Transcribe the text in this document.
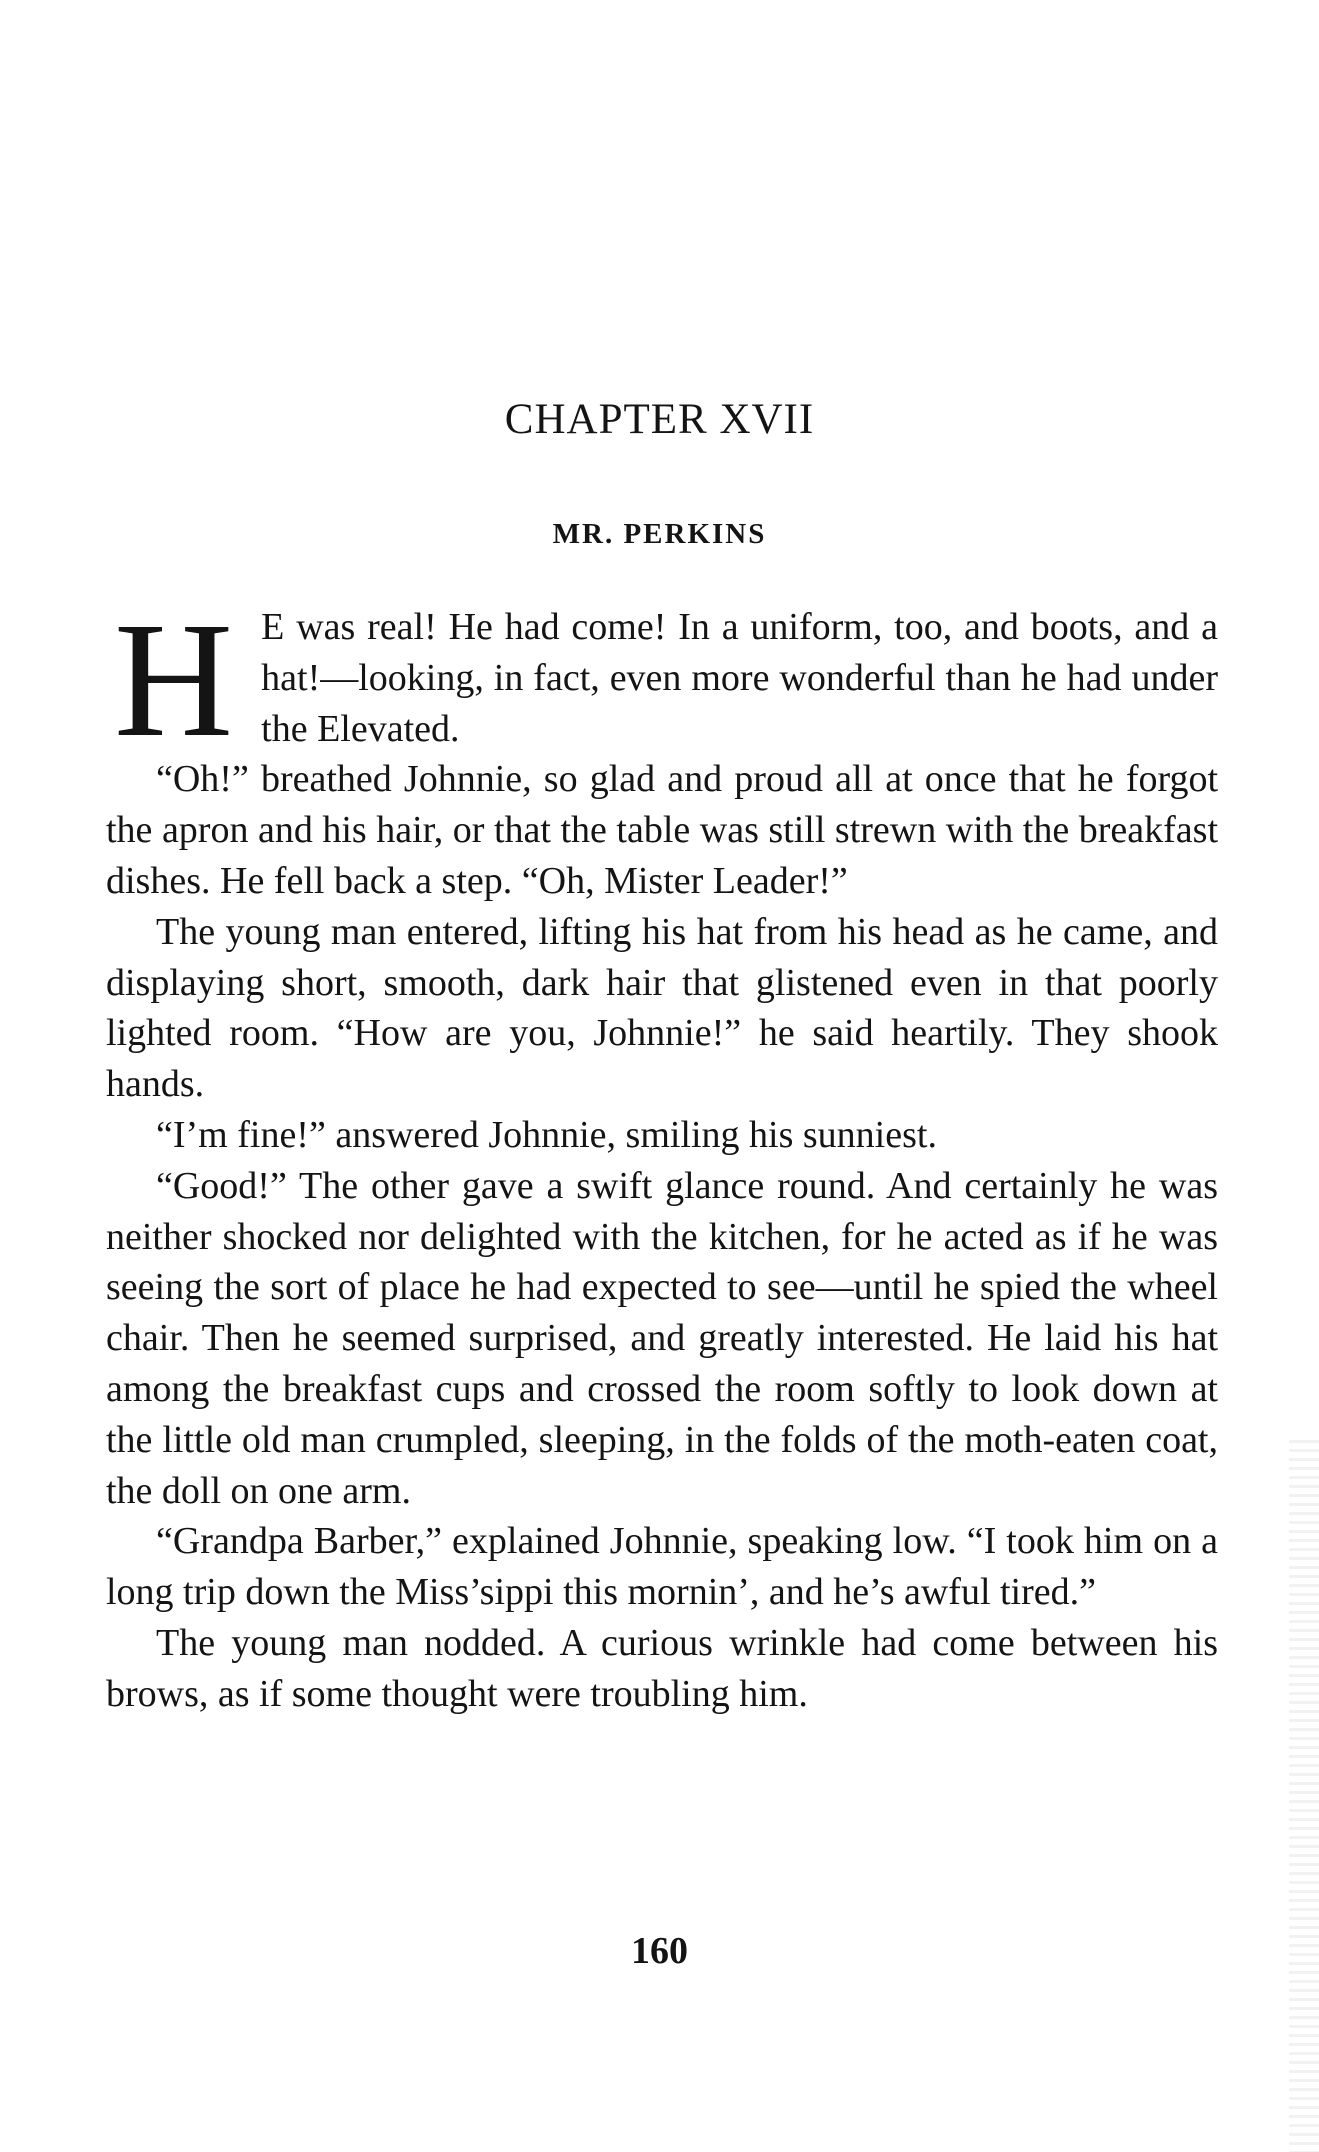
CHAPTER XVII
MR. PERKINS

H E was real! He had come! In a uniform, too, and boots, and a hat!—looking, in fact, even more wonderful than he had under the Elevated.

“Oh!” breathed Johnnie, so glad and proud all at once that he forgot the apron and his hair, or that the table was still strewn with the breakfast dishes. He fell back a step. “Oh, Mister Leader!”

The young man entered, lifting his hat from his head as he came, and displaying short, smooth, dark hair that glistened even in that poorly lighted room. “How are you, Johnnie!” he said heartily. They shook hands.

“I’m fine!” answered Johnnie, smiling his sunniest.

“Good!” The other gave a swift glance round. And certainly he was neither shocked nor delighted with the kitchen, for he acted as if he was seeing the sort of place he had expected to see—until he spied the wheel chair. Then he seemed surprised, and greatly interested. He laid his hat among the breakfast cups and crossed the room softly to look down at the little old man crumpled, sleeping, in the folds of the moth-eaten coat, the doll on one arm.

“Grandpa Barber,” explained Johnnie, speaking low. “I took him on a long trip down the Miss’sippi this mornin’, and he’s awful tired.”

The young man nodded. A curious wrinkle had come between his brows, as if some thought were troubling him.

160
